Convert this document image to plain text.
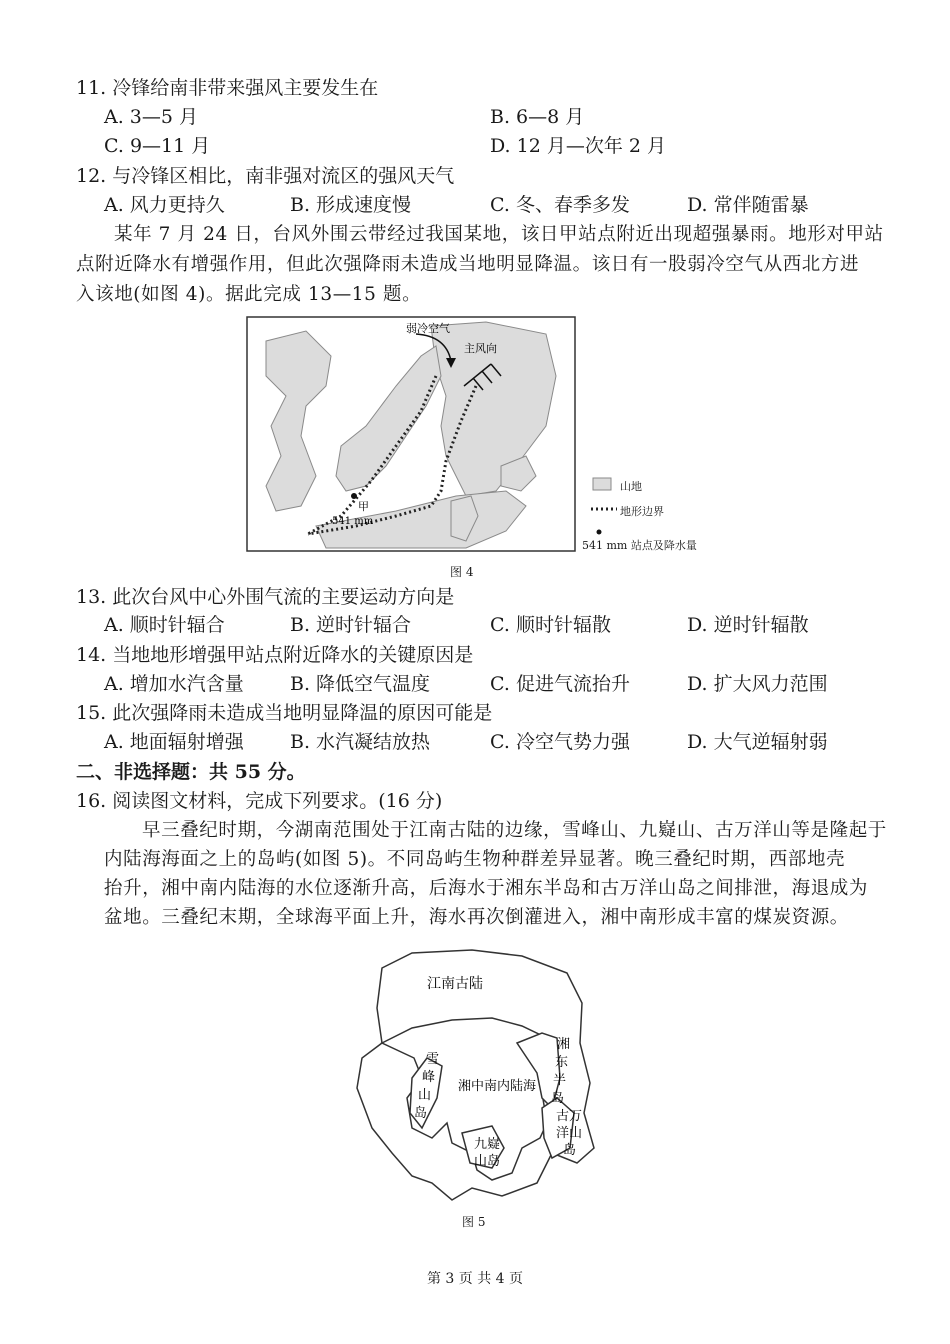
11. 冷锋给南非带来强风主要发生在
A. 3—5 月	B. 6—8 月
C. 9—11 月	D. 12 月—次年 2 月
12. 与冷锋区相比，南非强对流区的强风天气
A. 风力更持久	B. 形成速度慢	C. 冬、春季多发	D. 常伴随雷暴
某年 7 月 24 日，台风外围云带经过我国某地，该日甲站点附近出现超强暴雨。地形对甲站
点附近降水有增强作用，但此次强降雨未造成当地明显降温。该日有一股弱冷空气从西北方进
入该地(如图 4)。据此完成 13—15 题。
弱冷空气
主风向
甲
541 mm
山地
地形边界
541 mm 站点及降水量
图 4
13. 此次台风中心外围气流的主要运动方向是
A. 顺时针辐合	B. 逆时针辐合	C. 顺时针辐散	D. 逆时针辐散
14. 当地地形增强甲站点附近降水的关键原因是
A. 增加水汽含量 B. 降低空气温度	C. 促进气流抬升	D. 扩大风力范围
15. 此次强降雨未造成当地明显降温的原因可能是
A. 地面辐射增强 B. 水汽凝结放热	C. 冷空气势力强	D. 大气逆辐射弱
二、非选择题：共 55 分。
16. 阅读图文材料，完成下列要求。(16 分)
早三叠纪时期，今湖南范围处于江南古陆的边缘，雪峰山、九嶷山、古万洋山等是隆起于
内陆海海面之上的岛屿(如图 5)。不同岛屿生物种群差异显著。晚三叠纪时期，西部地壳
抬升，湘中南内陆海的水位逐渐升高，后海水于湘东半岛和古万洋山岛之间排泄，海退成为
盆地。三叠纪末期，全球海平面上升，海水再次倒灌进入，湘中南形成丰富的煤炭资源。
江南古陆
湘中南内陆海
雪
峰
山
岛
湘
东
半
岛
古万
洋山
岛
九嶷
山岛
图 5
第 3 页 共 4 页
